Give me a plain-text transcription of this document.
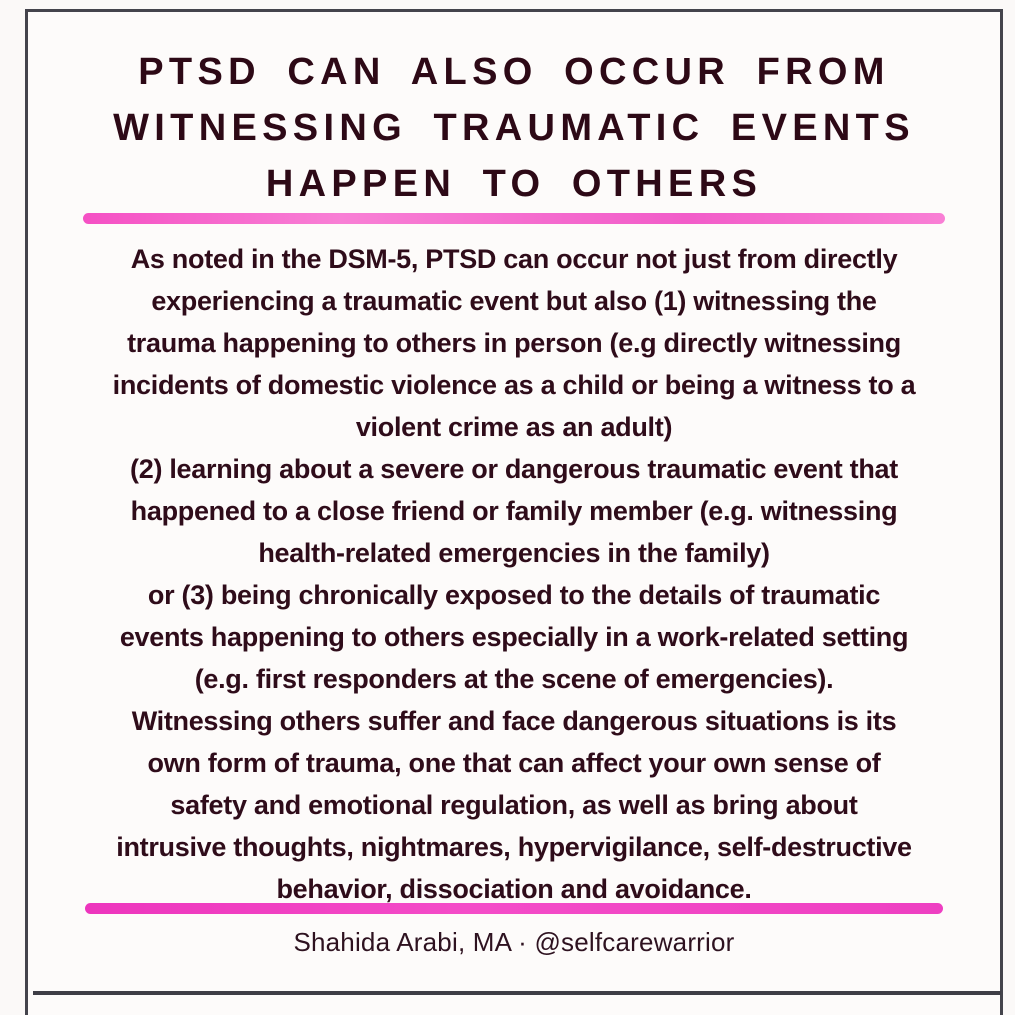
PTSD CAN ALSO OCCUR FROM
WITNESSING TRAUMATIC EVENTS
HAPPEN TO OTHERS
As noted in the DSM-5, PTSD can occur not just from directly
experiencing a traumatic event but also (1) witnessing the
trauma happening to others in person (e.g directly witnessing
incidents of domestic violence as a child or being a witness to a
violent crime as an adult)
(2) learning about a severe or dangerous traumatic event that
happened to a close friend or family member (e.g. witnessing
health-related emergencies in the family)
or (3) being chronically exposed to the details of traumatic
events happening to others especially in a work-related setting
(e.g. first responders at the scene of emergencies).
Witnessing others suffer and face dangerous situations is its
own form of trauma, one that can affect your own sense of
safety and emotional regulation, as well as bring about
intrusive thoughts, nightmares, hypervigilance, self-destructive
behavior, dissociation and avoidance.
Shahida Arabi, MA · @selfcarewarrior
